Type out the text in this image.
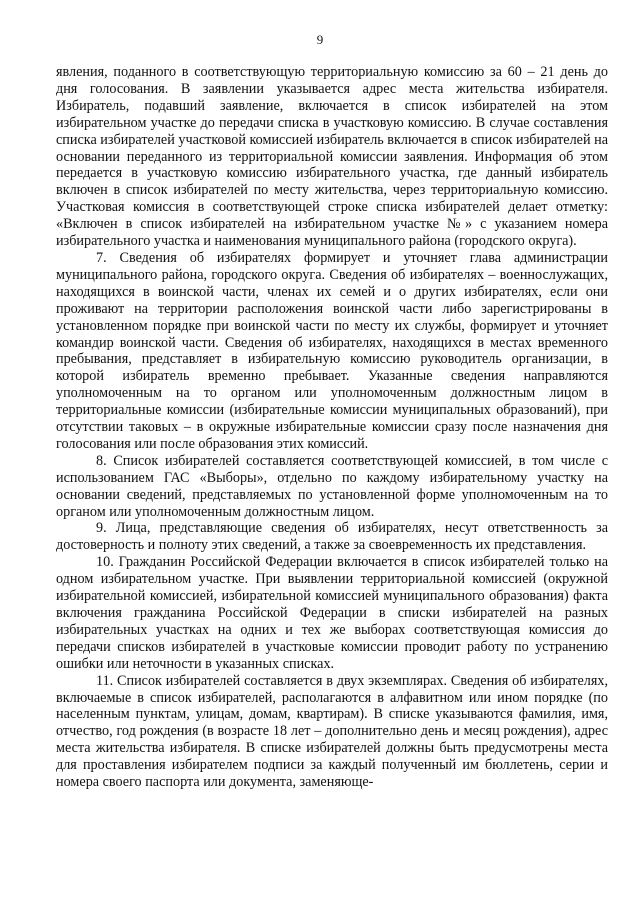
9

явления, поданного в соответствующую территориальную комиссию за 60 – 21 день до дня голосования. В заявлении указывается адрес места жительства избирателя. Избиратель, подавший заявление, включается в список избирателей на этом избирательном участке до передачи списка в участковую комиссию. В случае составления списка избирателей участковой комиссией избиратель включается в список избирателей на основании переданного из территориальной комиссии заявления. Информация об этом передается в участковую комиссию избирательного участка, где данный избиратель включен в список избирателей по месту жительства, через территориальную комиссию. Участковая комиссия в соответствующей строке списка избирателей делает отметку: «Включен в список избирателей на избирательном участке №» с указанием номера избирательного участка и наименования муниципального района (городского округа).

7. Сведения об избирателях формирует и уточняет глава администрации муниципального района, городского округа. Сведения об избирателях – военнослужащих, находящихся в воинской части, членах их семей и о других избирателях, если они проживают на территории расположения воинской части либо зарегистрированы в установленном порядке при воинской части по месту их службы, формирует и уточняет командир воинской части. Сведения об избирателях, находящихся в местах временного пребывания, представляет в избирательную комиссию руководитель организации, в которой избиратель временно пребывает. Указанные сведения направляются уполномоченным на то органом или уполномоченным должностным лицом в территориальные комиссии (избирательные комиссии муниципальных образований), при отсутствии таковых – в окружные избирательные комиссии сразу после назначения дня голосования или после образования этих комиссий.

8. Список избирателей составляется соответствующей комиссией, в том числе с использованием ГАС «Выборы», отдельно по каждому избирательному участку на основании сведений, представляемых по установленной форме уполномоченным на то органом или уполномоченным должностным лицом.

9. Лица, представляющие сведения об избирателях, несут ответственность за достоверность и полноту этих сведений, а также за своевременность их представления.

10. Гражданин Российской Федерации включается в список избирателей только на одном избирательном участке. При выявлении территориальной комиссией (окружной избирательной комиссией, избирательной комиссией муниципального образования) факта включения гражданина Российской Федерации в списки избирателей на разных избирательных участках на одних и тех же выборах соответствующая комиссия до передачи списков избирателей в участковые комиссии проводит работу по устранению ошибки или неточности в указанных списках.

11. Список избирателей составляется в двух экземплярах. Сведения об избирателях, включаемые в список избирателей, располагаются в алфавитном или ином порядке (по населенным пунктам, улицам, домам, квартирам). В списке указываются фамилия, имя, отчество, год рождения (в возрасте 18 лет – дополнительно день и месяц рождения), адрес места жительства избирателя. В списке избирателей должны быть предусмотрены места для проставления избирателем подписи за каждый полученный им бюллетень, серии и номера своего паспорта или документа, заменяюще-
